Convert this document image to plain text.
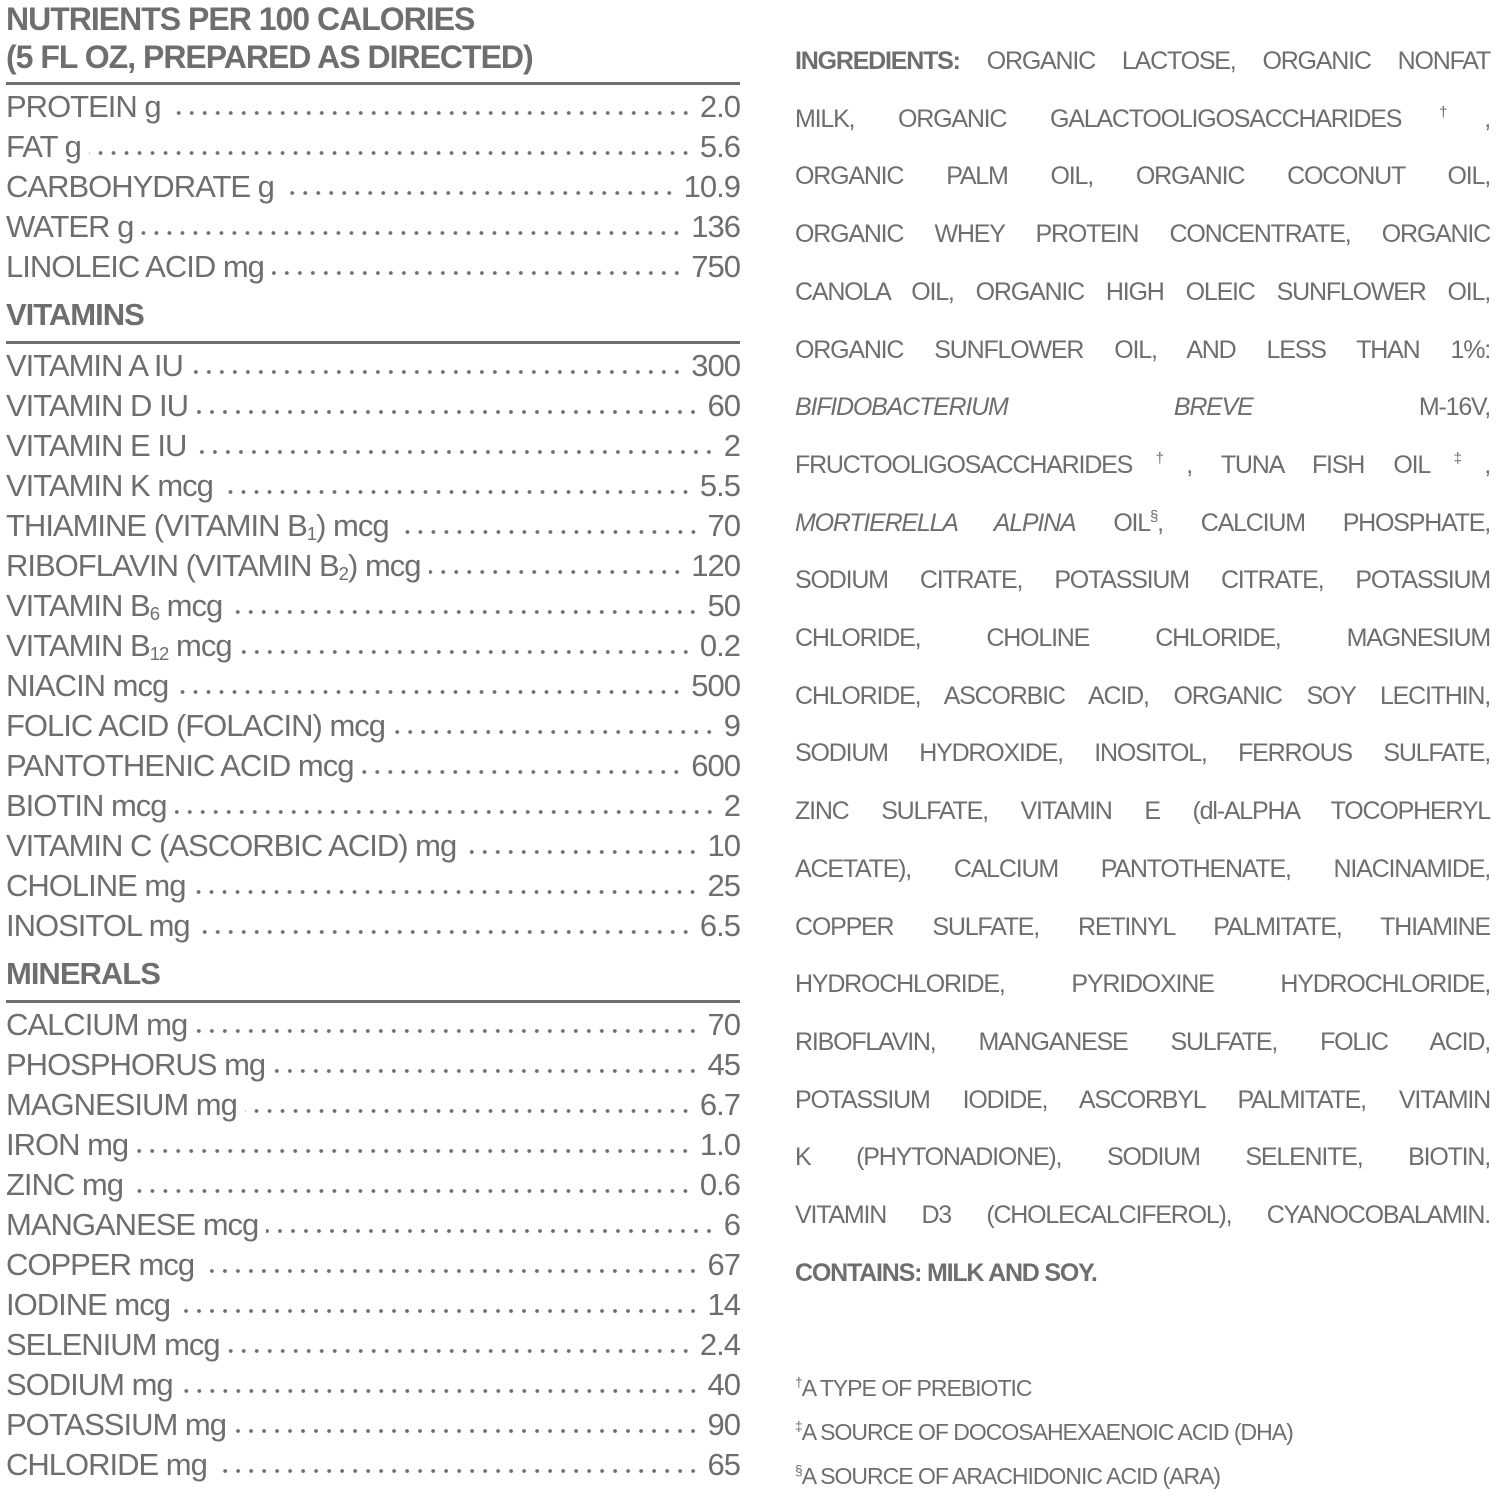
NUTRIENTS PER 100 CALORIES
(5 FL OZ, PREPARED AS DIRECTED)
PROTEIN g	2.0
FAT g	5.6
CARBOHYDRATE g	10.9
WATER g	136
LINOLEIC ACID mg	750
VITAMINS
VITAMIN A IU	300
VITAMIN D IU	60
VITAMIN E IU	2
VITAMIN K mcg	5.5
THIAMINE (VITAMIN $B_1$) mcg	70
RIBOFLAVIN (VITAMIN $B_2$) mcg	120
VITAMIN $B_6$ mcg	50
VITAMIN $B_{12}$ mcg	0.2
NIACIN mcg	500
FOLIC ACID (FOLACIN) mcg	9
PANTOTHENIC ACID mcg	600
BIOTIN mcg	2
VITAMIN C (ASCORBIC ACID) mg	10
CHOLINE mg	25
INOSITOL mg	6.5
MINERALS
CALCIUM mg	70
PHOSPHORUS mg	45
MAGNESIUM mg	6.7
IRON mg	1.0
ZINC mg	0.6
MANGANESE mcg	6
COPPER mcg	67
IODINE mcg	14
SELENIUM mcg	2.4
SODIUM mg	40
POTASSIUM mg	90
CHLORIDE mg	65
INGREDIENTS: ORGANIC LACTOSE, ORGANIC NONFAT
MILK, ORGANIC GALACTOOLIGOSACCHARIDES†,
ORGANIC PALM OIL, ORGANIC COCONUT OIL,
ORGANIC WHEY PROTEIN CONCENTRATE, ORGANIC
CANOLA OIL, ORGANIC HIGH OLEIC SUNFLOWER OIL,
ORGANIC SUNFLOWER OIL, AND LESS THAN 1%:
BIFIDOBACTERIUM BREVE M-16V,
FRUCTOOLIGOSACCHARIDES†, TUNA FISH OIL‡,
MORTIERELLA ALPINA OIL§, CALCIUM PHOSPHATE,
SODIUM CITRATE, POTASSIUM CITRATE, POTASSIUM
CHLORIDE, CHOLINE CHLORIDE, MAGNESIUM
CHLORIDE, ASCORBIC ACID, ORGANIC SOY LECITHIN,
SODIUM HYDROXIDE, INOSITOL, FERROUS SULFATE,
ZINC SULFATE, VITAMIN E (dl-ALPHA TOCOPHERYL
ACETATE), CALCIUM PANTOTHENATE, NIACINAMIDE,
COPPER SULFATE, RETINYL PALMITATE, THIAMINE
HYDROCHLORIDE, PYRIDOXINE HYDROCHLORIDE,
RIBOFLAVIN, MANGANESE SULFATE, FOLIC ACID,
POTASSIUM IODIDE, ASCORBYL PALMITATE, VITAMIN
K (PHYTONADIONE), SODIUM SELENITE, BIOTIN,
VITAMIN D3 (CHOLECALCIFEROL), CYANOCOBALAMIN.
CONTAINS: MILK AND SOY.
†A TYPE OF PREBIOTIC
‡A SOURCE OF DOCOSAHEXAENOIC ACID (DHA)
§A SOURCE OF ARACHIDONIC ACID (ARA)
